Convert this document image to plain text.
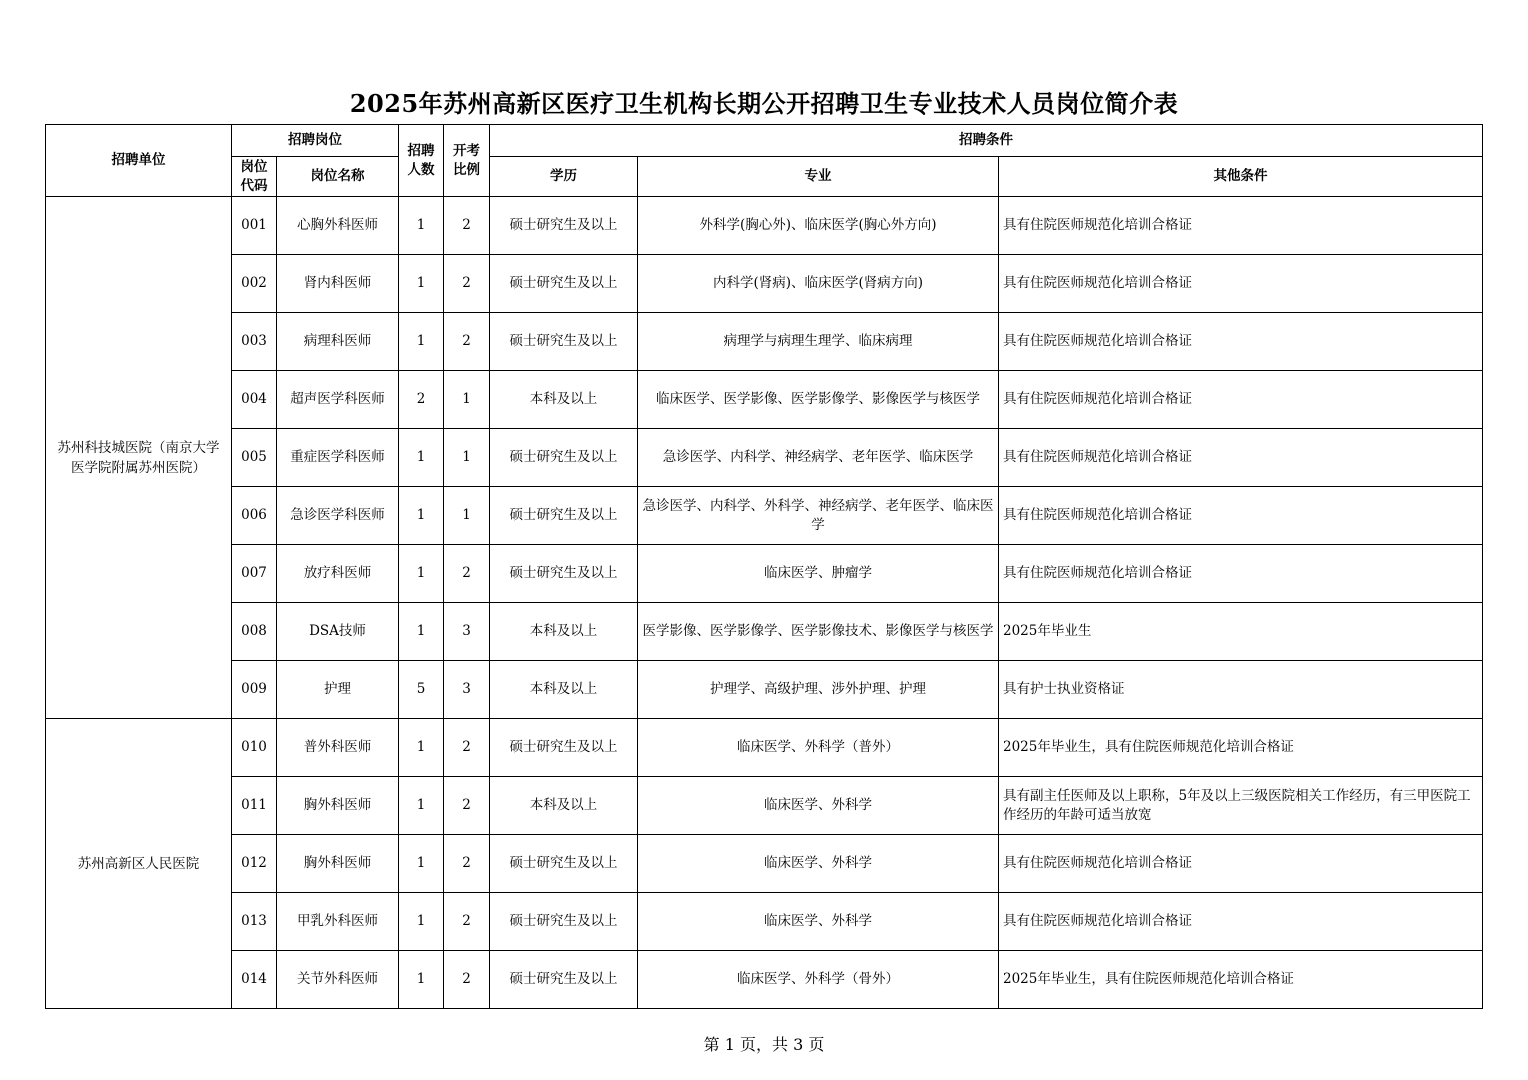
2025年苏州高新区医疗卫生机构长期公开招聘卫生专业技术人员岗位简介表
招聘单位	招聘岗位		招聘人数	开考比例	招聘条件		
	岗位代码	岗位名称			学历	专业	其他条件
苏州科技城医院（南京大学医学院附属苏州医院）	001	心胸外科医师	1	2	硕士研究生及以上	外科学(胸心外)、临床医学(胸心外方向)	具有住院医师规范化培训合格证
	002	肾内科医师	1	2	硕士研究生及以上	内科学(肾病)、临床医学(肾病方向)	具有住院医师规范化培训合格证
	003	病理科医师	1	2	硕士研究生及以上	病理学与病理生理学、临床病理	具有住院医师规范化培训合格证
	004	超声医学科医师	2	1	本科及以上	临床医学、医学影像、医学影像学、影像医学与核医学	具有住院医师规范化培训合格证
	005	重症医学科医师	1	1	硕士研究生及以上	急诊医学、内科学、神经病学、老年医学、临床医学	具有住院医师规范化培训合格证
	006	急诊医学科医师	1	1	硕士研究生及以上	急诊医学、内科学、外科学、神经病学、老年医学、临床医学	具有住院医师规范化培训合格证
	007	放疗科医师	1	2	硕士研究生及以上	临床医学、肿瘤学	具有住院医师规范化培训合格证
	008	DSA技师	1	3	本科及以上	医学影像、医学影像学、医学影像技术、影像医学与核医学	2025年毕业生
	009	护理	5	3	本科及以上	护理学、高级护理、涉外护理、护理	具有护士执业资格证
苏州高新区人民医院	010	普外科医师	1	2	硕士研究生及以上	临床医学、外科学（普外）	2025年毕业生，具有住院医师规范化培训合格证
	011	胸外科医师	1	2	本科及以上	临床医学、外科学	具有副主任医师及以上职称，5年及以上三级医院相关工作经历，有三甲医院工作经历的年龄可适当放宽
	012	胸外科医师	1	2	硕士研究生及以上	临床医学、外科学	具有住院医师规范化培训合格证
	013	甲乳外科医师	1	2	硕士研究生及以上	临床医学、外科学	具有住院医师规范化培训合格证
	014	关节外科医师	1	2	硕士研究生及以上	临床医学、外科学（骨外）	2025年毕业生，具有住院医师规范化培训合格证
第 1 页，共 3 页
